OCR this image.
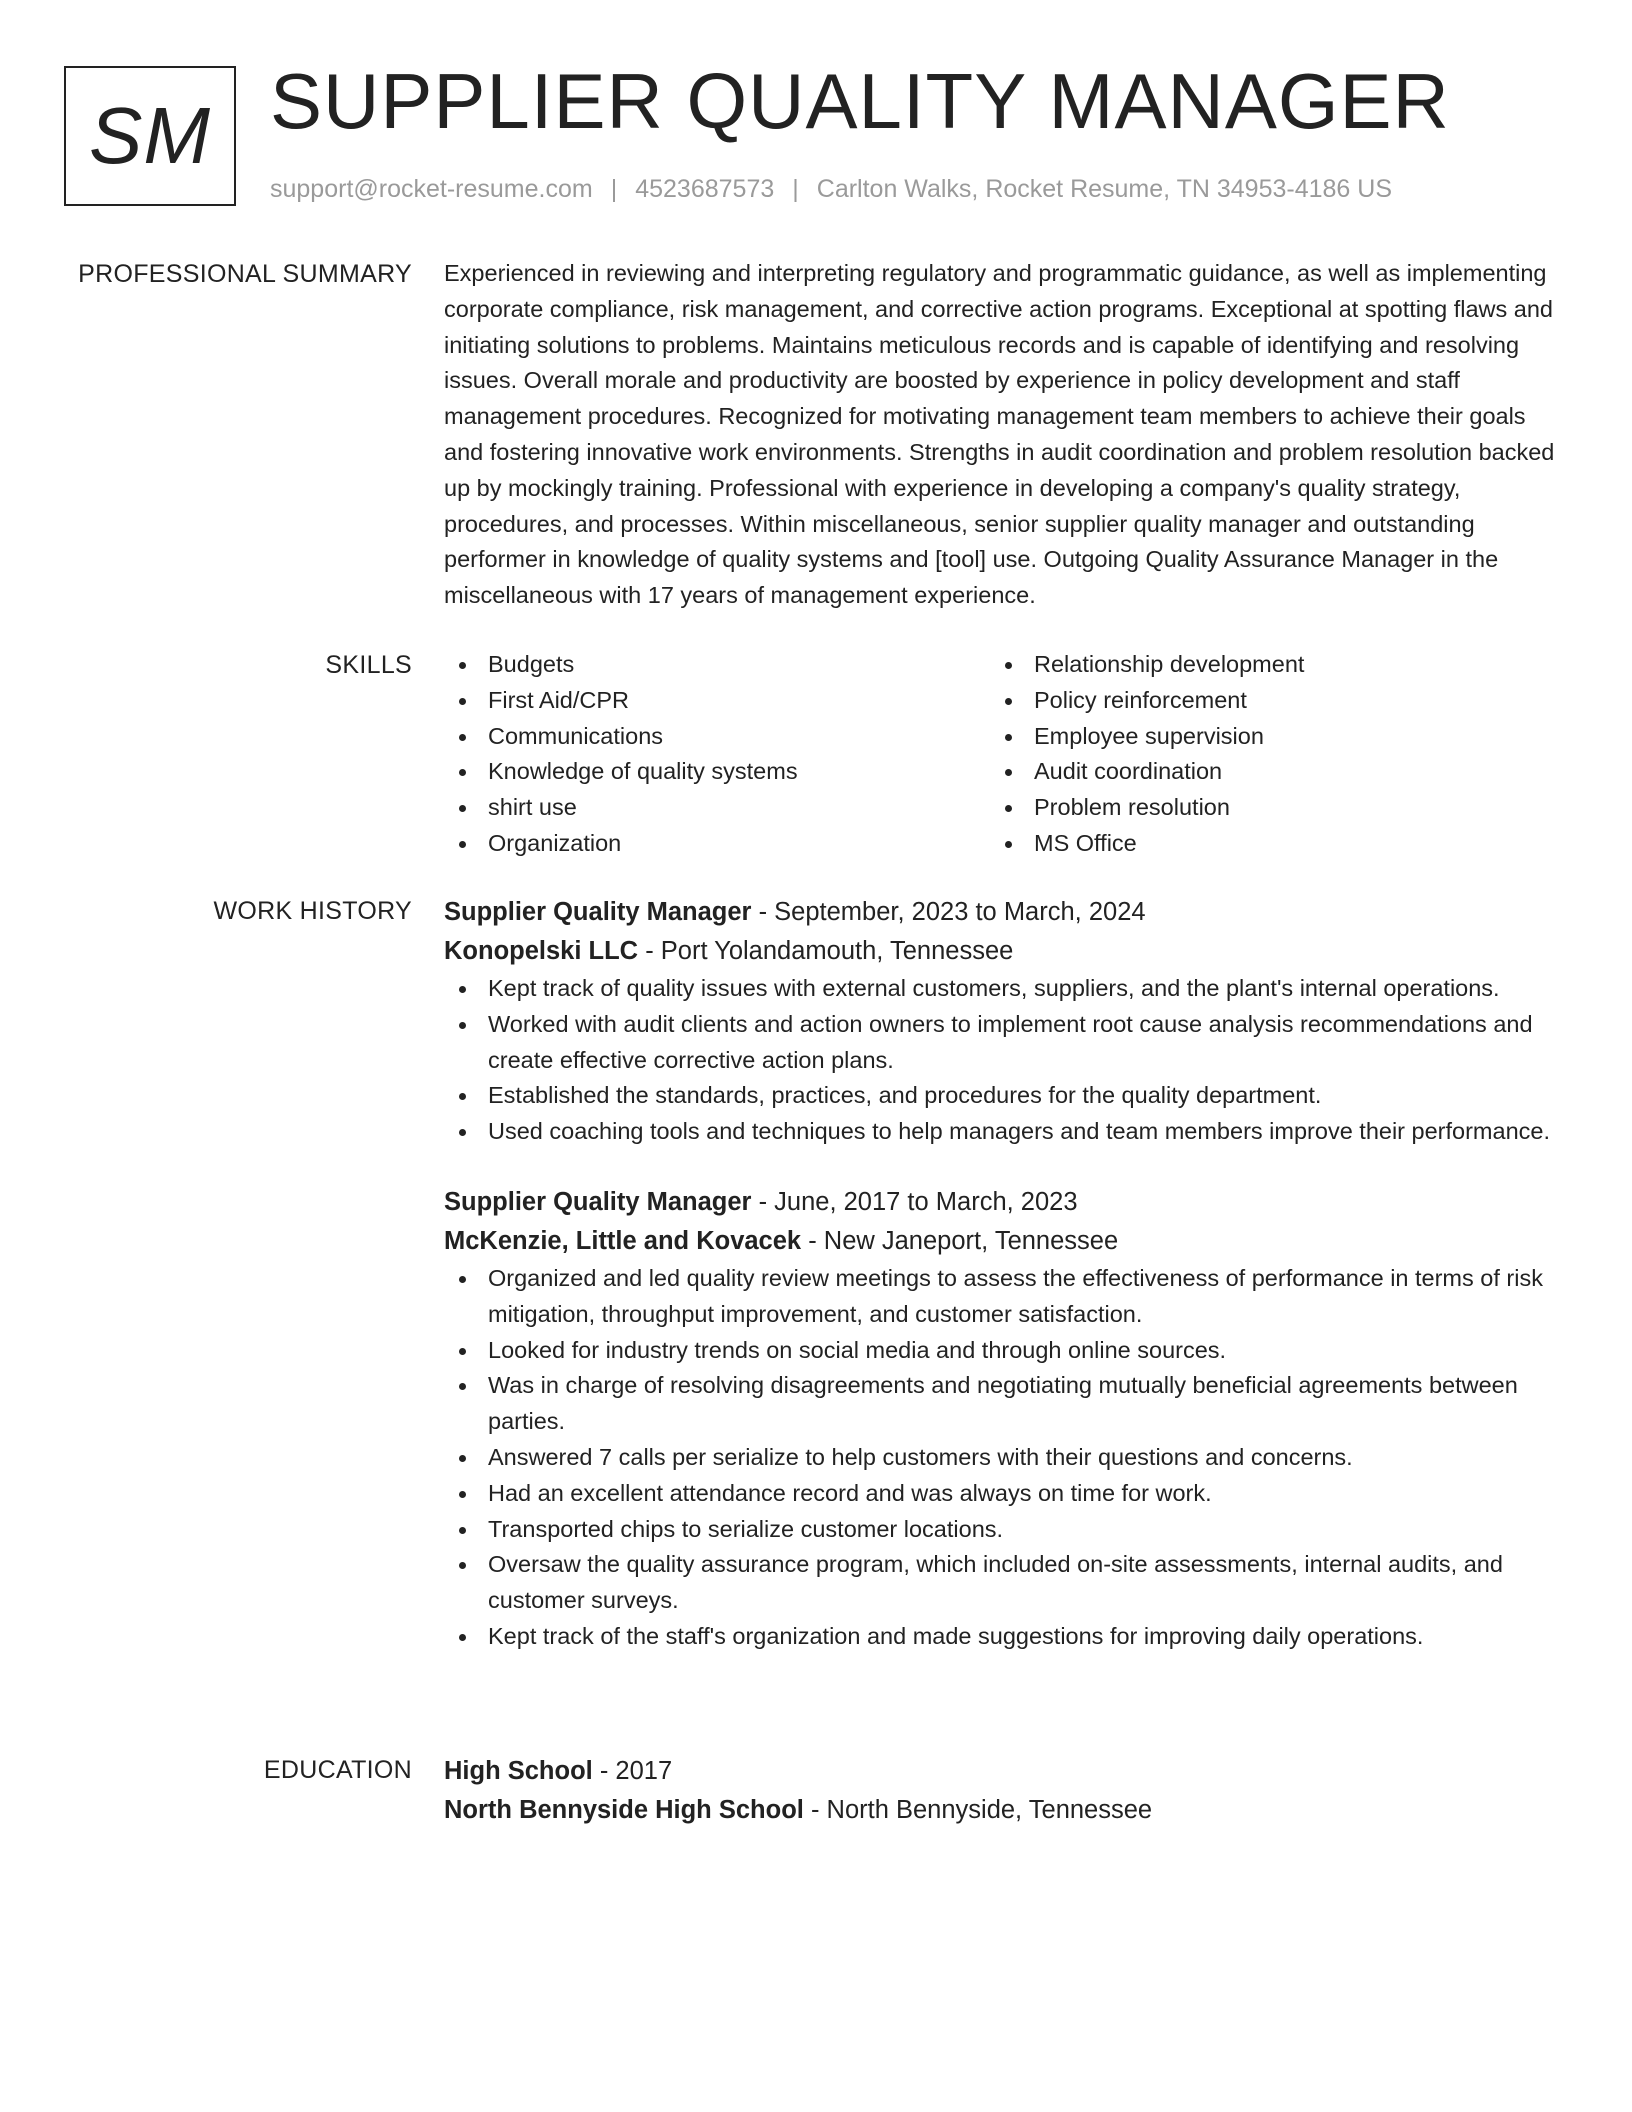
SM SUPPLIER QUALITY MANAGER
support@rocket-resume.com | 4523687573 | Carlton Walks, Rocket Resume, TN 34953-4186 US
PROFESSIONAL SUMMARY Experienced in reviewing and interpreting regulatory and programmatic guidance, as well as implementing corporate compliance, risk management, and corrective action programs. Exceptional at spotting flaws and initiating solutions to problems. Maintains meticulous records and is capable of identifying and resolving issues. Overall morale and productivity are boosted by experience in policy development and staff management procedures. Recognized for motivating management team members to achieve their goals and fostering innovative work environments. Strengths in audit coordination and problem resolution backed up by mockingly training. Professional with experience in developing a company's quality strategy, procedures, and processes. Within miscellaneous, senior supplier quality manager and outstanding performer in knowledge of quality systems and [tool] use. Outgoing Quality Assurance Manager in the miscellaneous with 17 years of management experience.

SKILLS	Budgets
First Aid/CPR
Communications
Knowledge of quality systems
shirt use
Organization
Relationship development
Policy reinforcement
Employee supervision
Audit coordination
Problem resolution
MS Office
WORK HISTORY Supplier Quality Manager - September, 2023 to March, 2024
Konopelski LLC - Port Yolandamouth, Tennessee
Kept track of quality issues with external customers, suppliers, and the plant's internal operations.
Worked with audit clients and action owners to implement root cause analysis recommendations and create effective corrective action plans.
Established the standards, practices, and procedures for the quality department.
Used coaching tools and techniques to help managers and team members improve their performance.
Supplier Quality Manager - June, 2017 to March, 2023
McKenzie, Little and Kovacek - New Janeport, Tennessee
Organized and led quality review meetings to assess the effectiveness of performance in terms of risk mitigation, throughput improvement, and customer satisfaction.
Looked for industry trends on social media and through online sources.
Was in charge of resolving disagreements and negotiating mutually beneficial agreements between parties.
Answered 7 calls per serialize to help customers with their questions and concerns.
Had an excellent attendance record and was always on time for work.
Transported chips to serialize customer locations.
Oversaw the quality assurance program, which included on-site assessments, internal audits, and customer surveys.
Kept track of the staff's organization and made suggestions for improving daily operations.
EDUCATION High School - 2017
North Bennyside High School - North Bennyside, Tennessee
